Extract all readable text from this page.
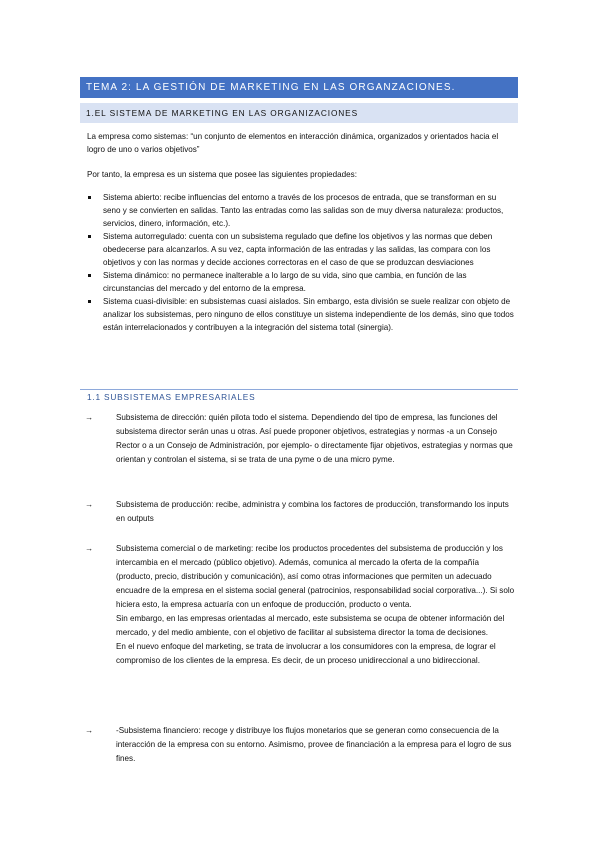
TEMA 2: LA GESTIÓN DE MARKETING EN LAS ORGANZACIONES.
1.EL SISTEMA DE MARKETING EN LAS ORGANIZACIONES
La empresa como sistemas: “un conjunto de elementos en interacción dinámica, organizados y orientados hacia el logro de uno o varios objetivos”
Por tanto, la empresa es un sistema que posee las siguientes propiedades:
Sistema abierto: recibe influencias del entorno a través de los procesos de entrada, que se transforman en su seno y se convierten en salidas. Tanto las entradas como las salidas son de muy diversa naturaleza: productos, servicios, dinero, información, etc.).
Sistema autorregulado: cuenta con un subsistema regulado que define los objetivos y las normas que deben obedecerse para alcanzarlos. A su vez, capta información de las entradas y las salidas, las compara con los objetivos y con las normas y decide acciones correctoras en el caso de que se produzcan desviaciones
Sistema dinámico: no permanece inalterable a lo largo de su vida, sino que cambia, en función de las circunstancias del mercado y del entorno de la empresa.
Sistema cuasi-divisible: en subsistemas cuasi aislados. Sin embargo, esta división se suele realizar con objeto de analizar los subsistemas, pero ninguno de ellos constituye un sistema independiente de los demás, sino que todos están interrelacionados y contribuyen a la integración del sistema total (sinergia).
1.1 SUBSISTEMAS EMPRESARIALES
→	Subsistema de dirección: quién pilota todo el sistema. Dependiendo del tipo de empresa, las funciones del subsistema director serán unas u otras. Así puede proponer objetivos, estrategias y normas -a un Consejo Rector o a un Consejo de Administración, por ejemplo- o directamente fijar objetivos, estrategias y normas que orientan y controlan el sistema, si se trata de una pyme o de una micro pyme.

→	Subsistema de producción: recibe, administra y combina los factores de producción, transformando los inputs en outputs

→	Subsistema comercial o de marketing: recibe los productos procedentes del subsistema de producción y los intercambia en el mercado (público objetivo). Además, comunica al mercado la oferta de la compañía (producto, precio, distribución y comunicación), así como otras informaciones que permiten un adecuado encuadre de la empresa en el sistema social general (patrocinios, responsabilidad social corporativa...). Si solo hiciera esto, la empresa actuaría con un enfoque de producción, producto o venta.

Sin embargo, en las empresas orientadas al mercado, este subsistema se ocupa de obtener información del mercado, y del medio ambiente, con el objetivo de facilitar al subsistema director la toma de decisiones.

En el nuevo enfoque del marketing, se trata de involucrar a los consumidores con la empresa, de lograr el compromiso de los clientes de la empresa. Es decir, de un proceso unidireccional a uno bidireccional.

→	-Subsistema financiero: recoge y distribuye los flujos monetarios que se generan como consecuencia de la interacción de la empresa con su entorno. Asimismo, provee de financiación a la empresa para el logro de sus fines.
